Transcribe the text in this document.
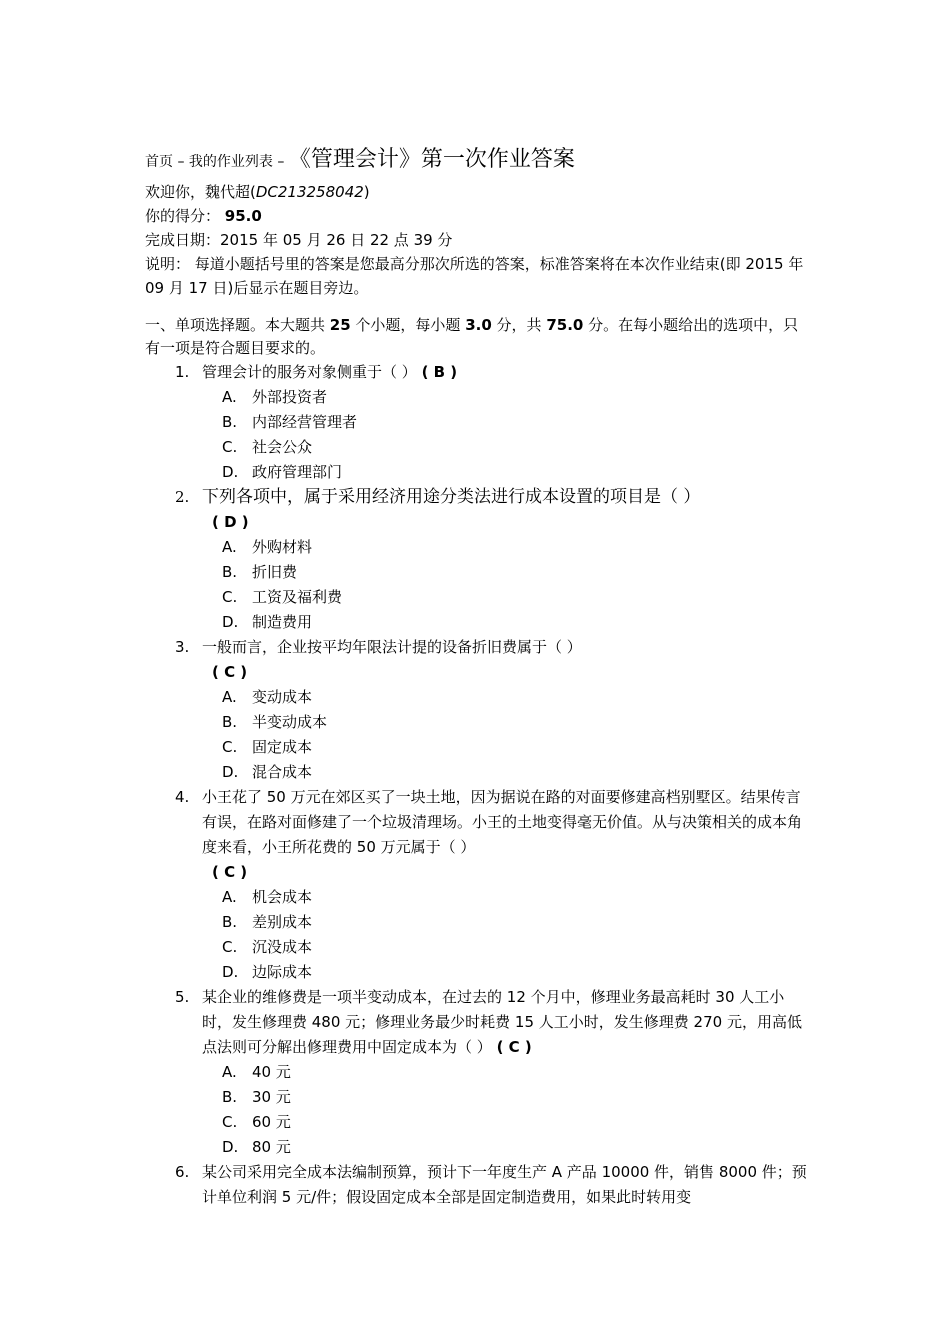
首页 – 我的作业列表 – 《管理会计》第一次作业答案
欢迎你，魏代超(DC213258042)
你的得分： 95.0
完成日期：2015 年 05 月 26 日 22 点 39 分
说明： 每道小题括号里的答案是您最高分那次所选的答案，标准答案将在本次作业结束(即 2015 年 09 月 17 日)后显示在题目旁边。
一、单项选择题。本大题共 25 个小题，每小题 3.0 分，共 75.0 分。在每小题给出的选项中，只有一项是符合题目要求的。
1. 管理会计的服务对象侧重于（ ） ( B )
A. 外部投资者
B. 内部经营管理者
C. 社会公众
D. 政府管理部门
2. 下列各项中，属于采用经济用途分类法进行成本设置的项目是（ ）
( D )
A. 外购材料
B. 折旧费
C. 工资及福利费
D. 制造费用
3. 一般而言，企业按平均年限法计提的设备折旧费属于（ ）
( C )
A. 变动成本
B. 半变动成本
C. 固定成本
D. 混合成本
4. 小王花了 50 万元在郊区买了一块土地，因为据说在路的对面要修建高档别墅区。结果传言有误，在路对面修建了一个垃圾清理场。小王的土地变得毫无价值。从与决策相关的成本角度来看，小王所花费的 50 万元属于（ ）
( C )
A. 机会成本
B. 差别成本
C. 沉没成本
D. 边际成本
5. 某企业的维修费是一项半变动成本，在过去的 12 个月中，修理业务最高耗时 30 人工小时，发生修理费 480 元；修理业务最少时耗费 15 人工小时，发生修理费 270 元，用高低点法则可分解出修理费用中固定成本为（ ） ( C )
A. 40 元
B. 30 元
C. 60 元
D. 80 元
6. 某公司采用完全成本法编制预算，预计下一年度生产 A 产品 10000 件，销售 8000 件；预计单位利润 5 元/件；假设固定成本全部是固定制造费用，如果此时转用变
